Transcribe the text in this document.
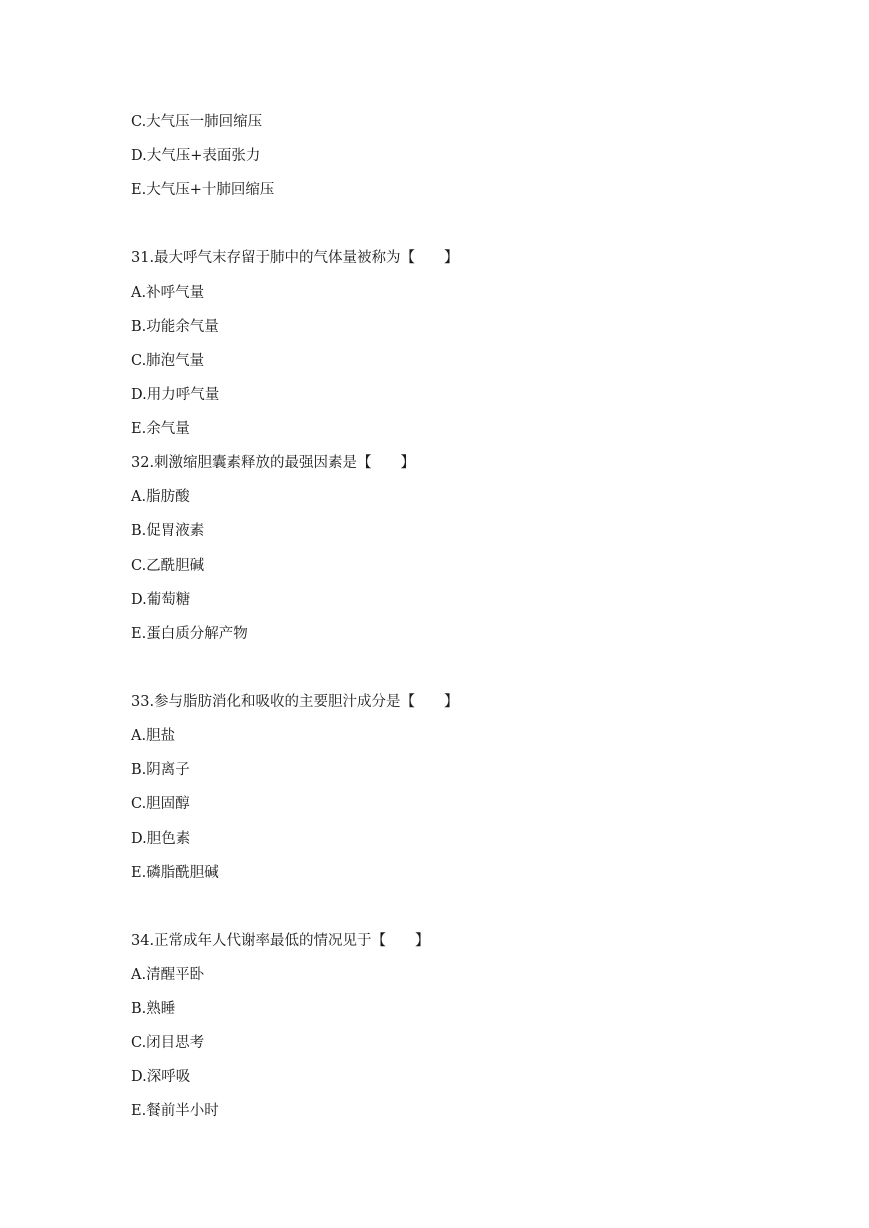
C.大气压一肺回缩压
D.大气压+表面张力
E.大气压+十肺回缩压
31.最大呼气末存留于肺中的气体量被称为【　　】
A.补呼气量
B.功能余气量
C.肺泡气量
D.用力呼气量
E.余气量
32.刺激缩胆囊素释放的最强因素是【　　】
A.脂肪酸
B.促胃液素
C.乙酰胆碱
D.葡萄糖
E.蛋白质分解产物
33.参与脂肪消化和吸收的主要胆汁成分是【　　】
A.胆盐
B.阴离子
C.胆固醇
D.胆色素
E.磷脂酰胆碱
34.正常成年人代谢率最低的情况见于【　　】
A.清醒平卧
B.熟睡
C.闭目思考
D.深呼吸
E.餐前半小时
